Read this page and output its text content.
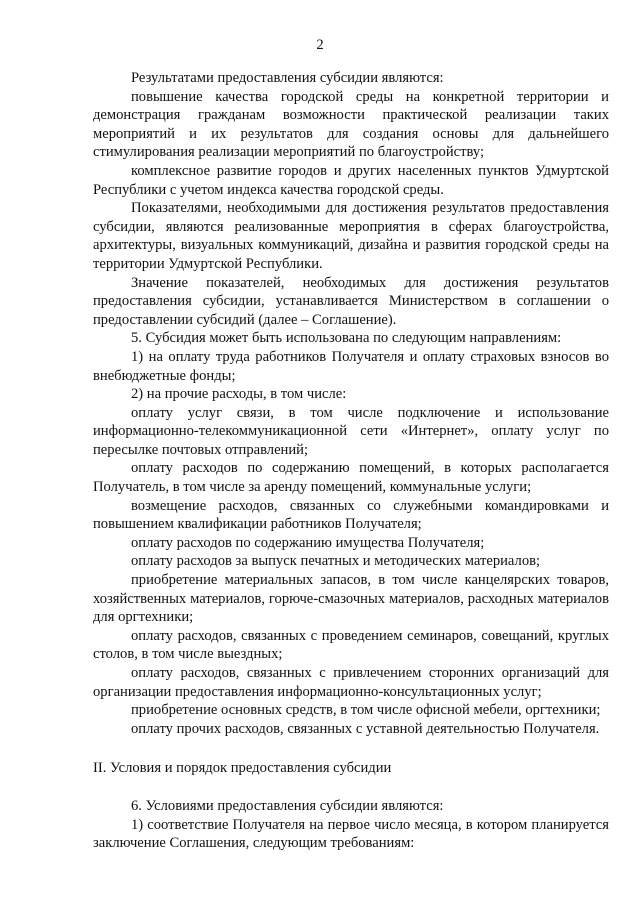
2

Результатами предоставления субсидии являются:

повышение качества городской среды на конкретной территории и демонстрация гражданам возможности практической реализации таких мероприятий и их результатов для создания основы для дальнейшего стимулирования реализации мероприятий по благоустройству;

комплексное развитие городов и других населенных пунктов Удмуртской Республики с учетом индекса качества городской среды.

Показателями, необходимыми для достижения результатов предоставления субсидии, являются реализованные мероприятия в сферах благоустройства, архитектуры, визуальных коммуникаций, дизайна и развития городской среды на территории Удмуртской Республики.

Значение показателей, необходимых для достижения результатов предоставления субсидии, устанавливается Министерством в соглашении о предоставлении субсидий (далее – Соглашение).

5. Субсидия может быть использована по следующим направлениям:

1) на оплату труда работников Получателя и оплату страховых взносов во внебюджетные фонды;

2) на прочие расходы, в том числе:

оплату услуг связи, в том числе подключение и использование информационно-телекоммуникационной сети «Интернет», оплату услуг по пересылке почтовых отправлений;

оплату расходов по содержанию помещений, в которых располагается Получатель, в том числе за аренду помещений, коммунальные услуги;

возмещение расходов, связанных со служебными командировками и повышением квалификации работников Получателя;

оплату расходов по содержанию имущества Получателя;

оплату расходов за выпуск печатных и методических материалов;

приобретение материальных запасов, в том числе канцелярских товаров, хозяйственных материалов, горюче-смазочных материалов, расходных материалов для оргтехники;

оплату расходов, связанных с проведением семинаров, совещаний, круглых столов, в том числе выездных;

оплату расходов, связанных с привлечением сторонних организаций для организации предоставления информационно-консультационных услуг;

приобретение основных средств, в том числе офисной мебели, оргтехники;

оплату прочих расходов, связанных с уставной деятельностью Получателя.

II. Условия и порядок предоставления субсидии

6. Условиями предоставления субсидии являются:

1) соответствие Получателя на первое число месяца, в котором планируется заключение Соглашения, следующим требованиям:
